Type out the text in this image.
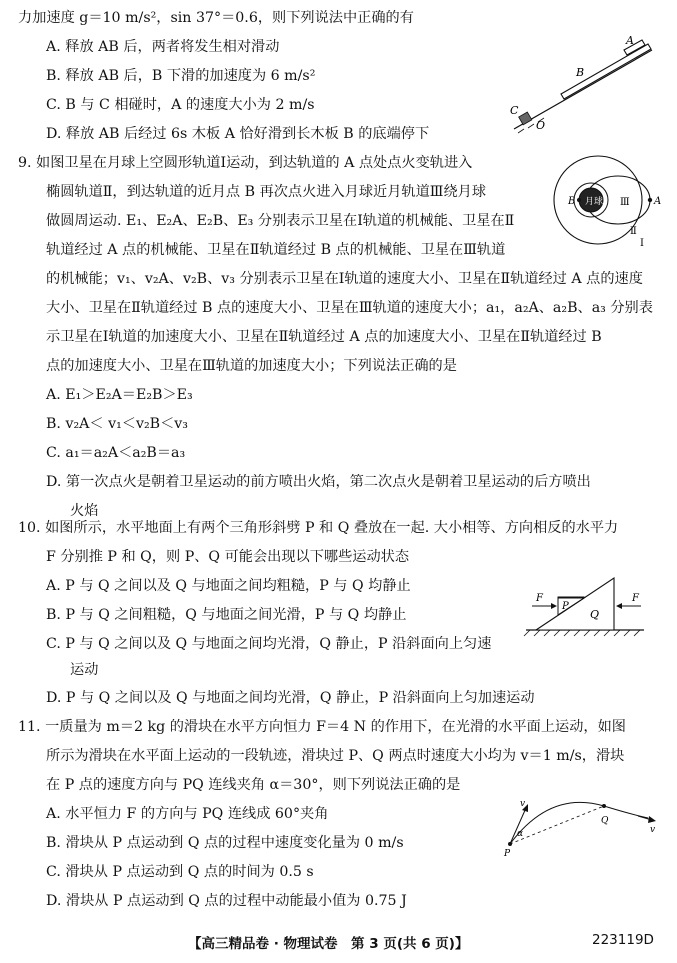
力加速度 g＝10 m/s²，sin 37°＝0.6，则下列说法中正确的有
A. 释放 AB 后，两者将发生相对滑动
B. 释放 AB 后，B 下滑的加速度为 6 m/s²
C. B 与 C 相碰时，A 的速度大小为 2 m/s
D. 释放 AB 后经过 6s 木板 A 恰好滑到长木板 B 的底端停下
A
B
C
O
9. 如图卫星在月球上空圆形轨道Ⅰ运动，到达轨道的 A 点处点火变轨进入
椭圆轨道Ⅱ，到达轨道的近月点 B 再次点火进入月球近月轨道Ⅲ绕月球
做圆周运动. E₁、E₂A、E₂B、E₃ 分别表示卫星在Ⅰ轨道的机械能、卫星在Ⅱ
轨道经过 A 点的机械能、卫星在Ⅱ轨道经过 B 点的机械能、卫星在Ⅲ轨道
的机械能；v₁、v₂A、v₂B、v₃ 分别表示卫星在Ⅰ轨道的速度大小、卫星在Ⅱ轨道经过 A 点的速度
大小、卫星在Ⅱ轨道经过 B 点的速度大小、卫星在Ⅲ轨道的速度大小；a₁，a₂A、a₂B、a₃ 分别表
示卫星在Ⅰ轨道的加速度大小、卫星在Ⅱ轨道经过 A 点的加速度大小、卫星在Ⅱ轨道经过 B
点的加速度大小、卫星在Ⅲ轨道的加速度大小；下列说法正确的是
A. E₁＞E₂A＝E₂B＞E₃
B. v₂A＜ v₁＜v₂B＜v₃
C. a₁＝a₂A＜a₂B＝a₃
D. 第一次点火是朝着卫星运动的前方喷出火焰，第二次点火是朝着卫星运动的后方喷出
火焰
月球
B	A
Ⅲ
Ⅱ
Ⅰ
10. 如图所示，水平地面上有两个三角形斜劈 P 和 Q 叠放在一起. 大小相等、方向相反的水平力
F 分别推 P 和 Q，则 P、Q 可能会出现以下哪些运动状态
A. P 与 Q 之间以及 Q 与地面之间均粗糙，P 与 Q 均静止
B. P 与 Q 之间粗糙，Q 与地面之间光滑，P 与 Q 均静止
C. P 与 Q 之间以及 Q 与地面之间均光滑，Q 静止，P 沿斜面向上匀速
运动
D. P 与 Q 之间以及 Q 与地面之间均光滑，Q 静止，P 沿斜面向上匀加速运动
F	F
P
Q
11. 一质量为 m＝2 kg 的滑块在水平方向恒力 F＝4 N 的作用下，在光滑的水平面上运动，如图
所示为滑块在水平面上运动的一段轨迹，滑块过 P、Q 两点时速度大小均为 v＝1 m/s，滑块
在 P 点的速度方向与 PQ 连线夹角 α＝30°，则下列说法正确的是
A. 水平恒力 F 的方向与 PQ 连线成 60°夹角
B. 滑块从 P 点运动到 Q 点的过程中速度变化量为 0 m/s
C. 滑块从 P 点运动到 Q 点的时间为 0.5 s
D. 滑块从 P 点运动到 Q 点的过程中动能最小值为 0.75 J
v
v
α
P
Q
【高三精品卷 · 物理试卷　第 3 页(共 6 页)】	223119D
